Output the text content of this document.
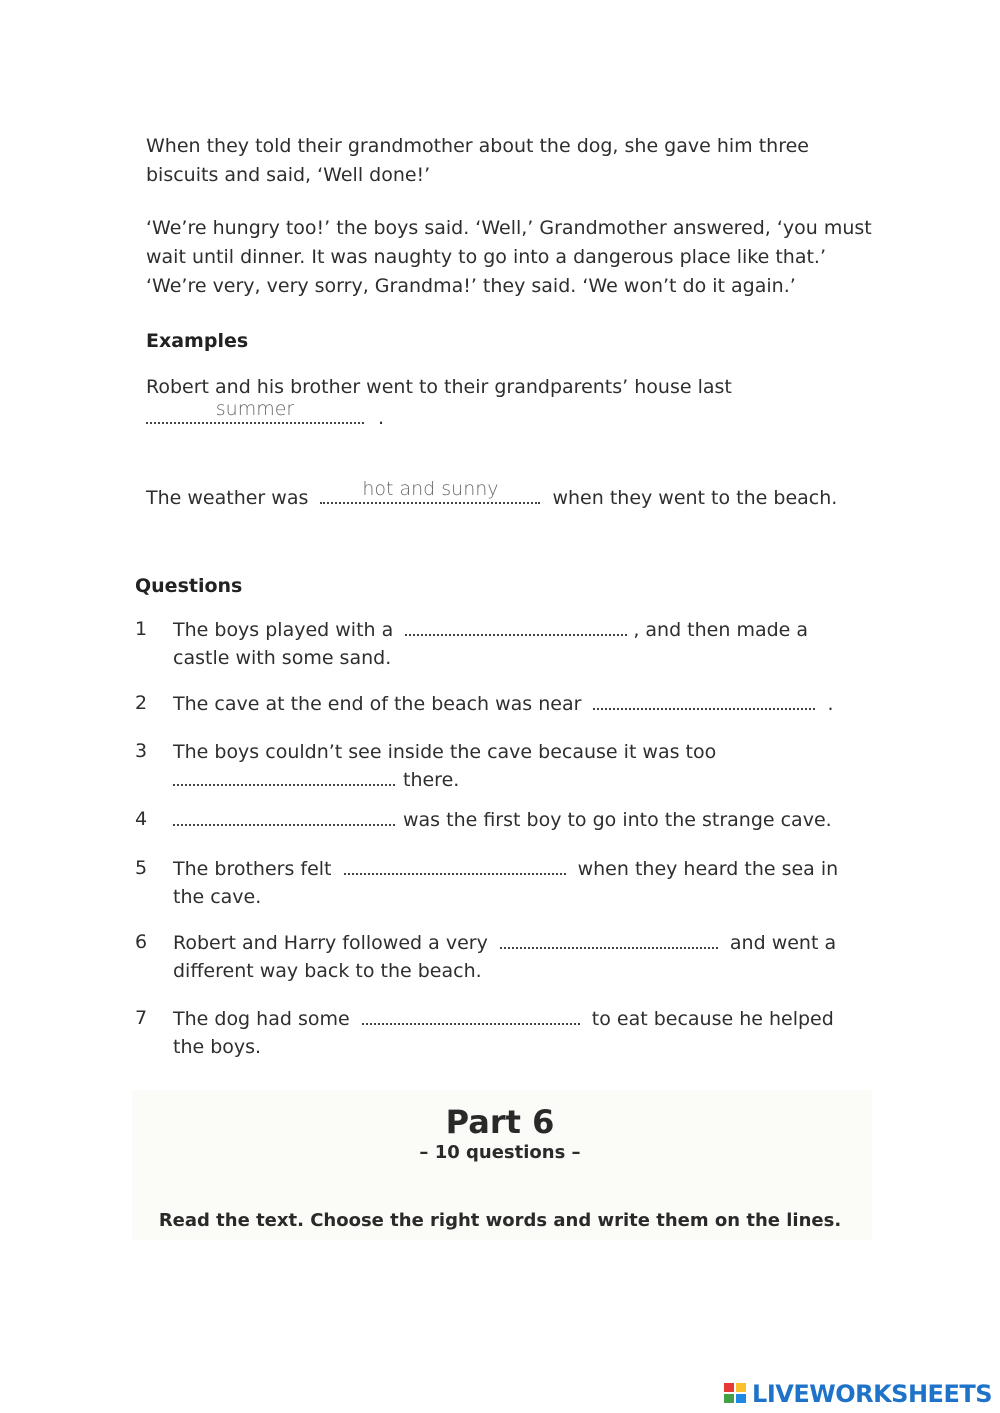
When they told their grandmother about the dog, she gave him three biscuits and said, ‘Well done!’
‘We’re hungry too!’ the boys said. ‘Well,’ Grandmother answered, ‘you must wait until dinner. It was naughty to go into a dangerous place like that.’ ‘We’re very, very sorry, Grandma!’ they said. ‘We won’t do it again.’
Examples
Robert and his brother went to their grandparents’ house last
summer	.
The weather was	hot and sunny	when they went to the beach.
Questions
1 The boys played with a	, and then made a
castle with some sand.
2 The cave at the end of the beach was near	.
3 The boys couldn’t see inside the cave because it was too
there.
4	was the first boy to go into the strange cave.
5 The brothers felt	when they heard the sea in
the cave.
6 Robert and Harry followed a very	and went a
different way back to the beach.
7 The dog had some	to eat because he helped
the boys.
Part 6
– 10 questions –
Read the text. Choose the right words and write them on the lines.
LIVEWORKSHEETS
